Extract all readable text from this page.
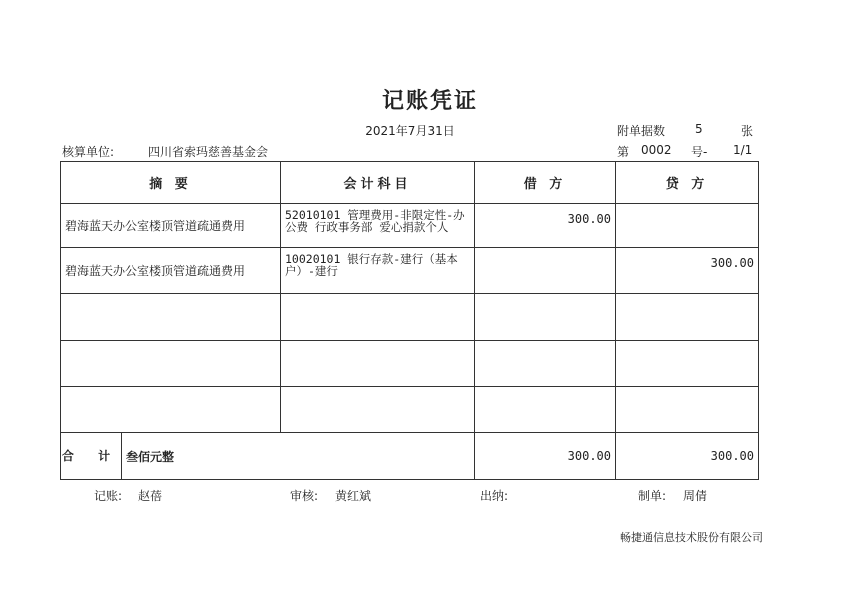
记账凭证
2021年7月31日	附单据数 5	张
核算单位:	四川省索玛慈善基金会	第 0002 号- 1/1
摘 要	会计科目	借 方	贷 方
碧海蓝天办公室楼顶管道疏通费用	52010101 管理费用-非限定性-办公费 行政事务部 爱心捐款个人	300.00	
碧海蓝天办公室楼顶管道疏通费用	10020101 银行存款-建行（基本户）-建行		300.00

合 计 叁佰元整		300.00	300.00
记账: 赵蓓	审核: 黄红斌	出纳:	制单: 周倩
畅捷通信息技术股份有限公司
